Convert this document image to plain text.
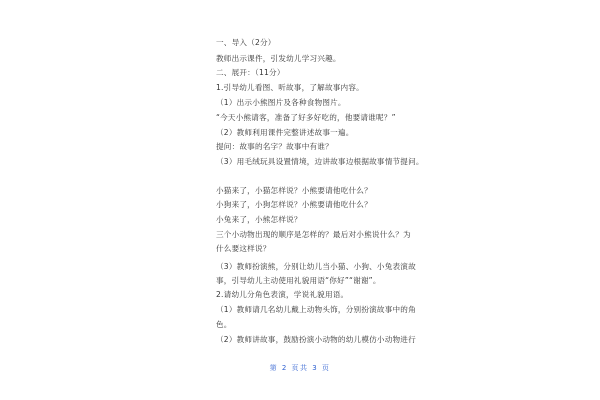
一、导入（2分）
教师出示课件，引发幼儿学习兴趣。
二、展开：（11分）
1.引导幼儿看图、听故事，了解故事内容。
（1）出示小熊图片及各种食物图片。
“今天小熊请客，准备了好多好吃的，他要请谁呢？”
（2）教师利用课件完整讲述故事一遍。
提问：故事的名字？故事中有谁？
（3）用毛绒玩具设置情境，边讲故事边根据故事情节提问。
小猫来了，小猫怎样说？小熊要请他吃什么？
小狗来了，小狗怎样说？小熊要请他吃什么？
小兔来了，小熊怎样说？
三个小动物出现的顺序是怎样的？最后对小熊说什么？为
什么要这样说？
（3）教师扮演熊，分别让幼儿当小猫、小狗、小兔表演故
事，引导幼儿主动使用礼貌用语“你好”“谢谢”。
2.请幼儿分角色表演，学说礼貌用语。
（1）教师请几名幼儿戴上动物头饰，分别扮演故事中的角
色。
（2）教师讲故事，鼓励扮演小动物的幼儿模仿小动物进行
第 2 页共 3 页
